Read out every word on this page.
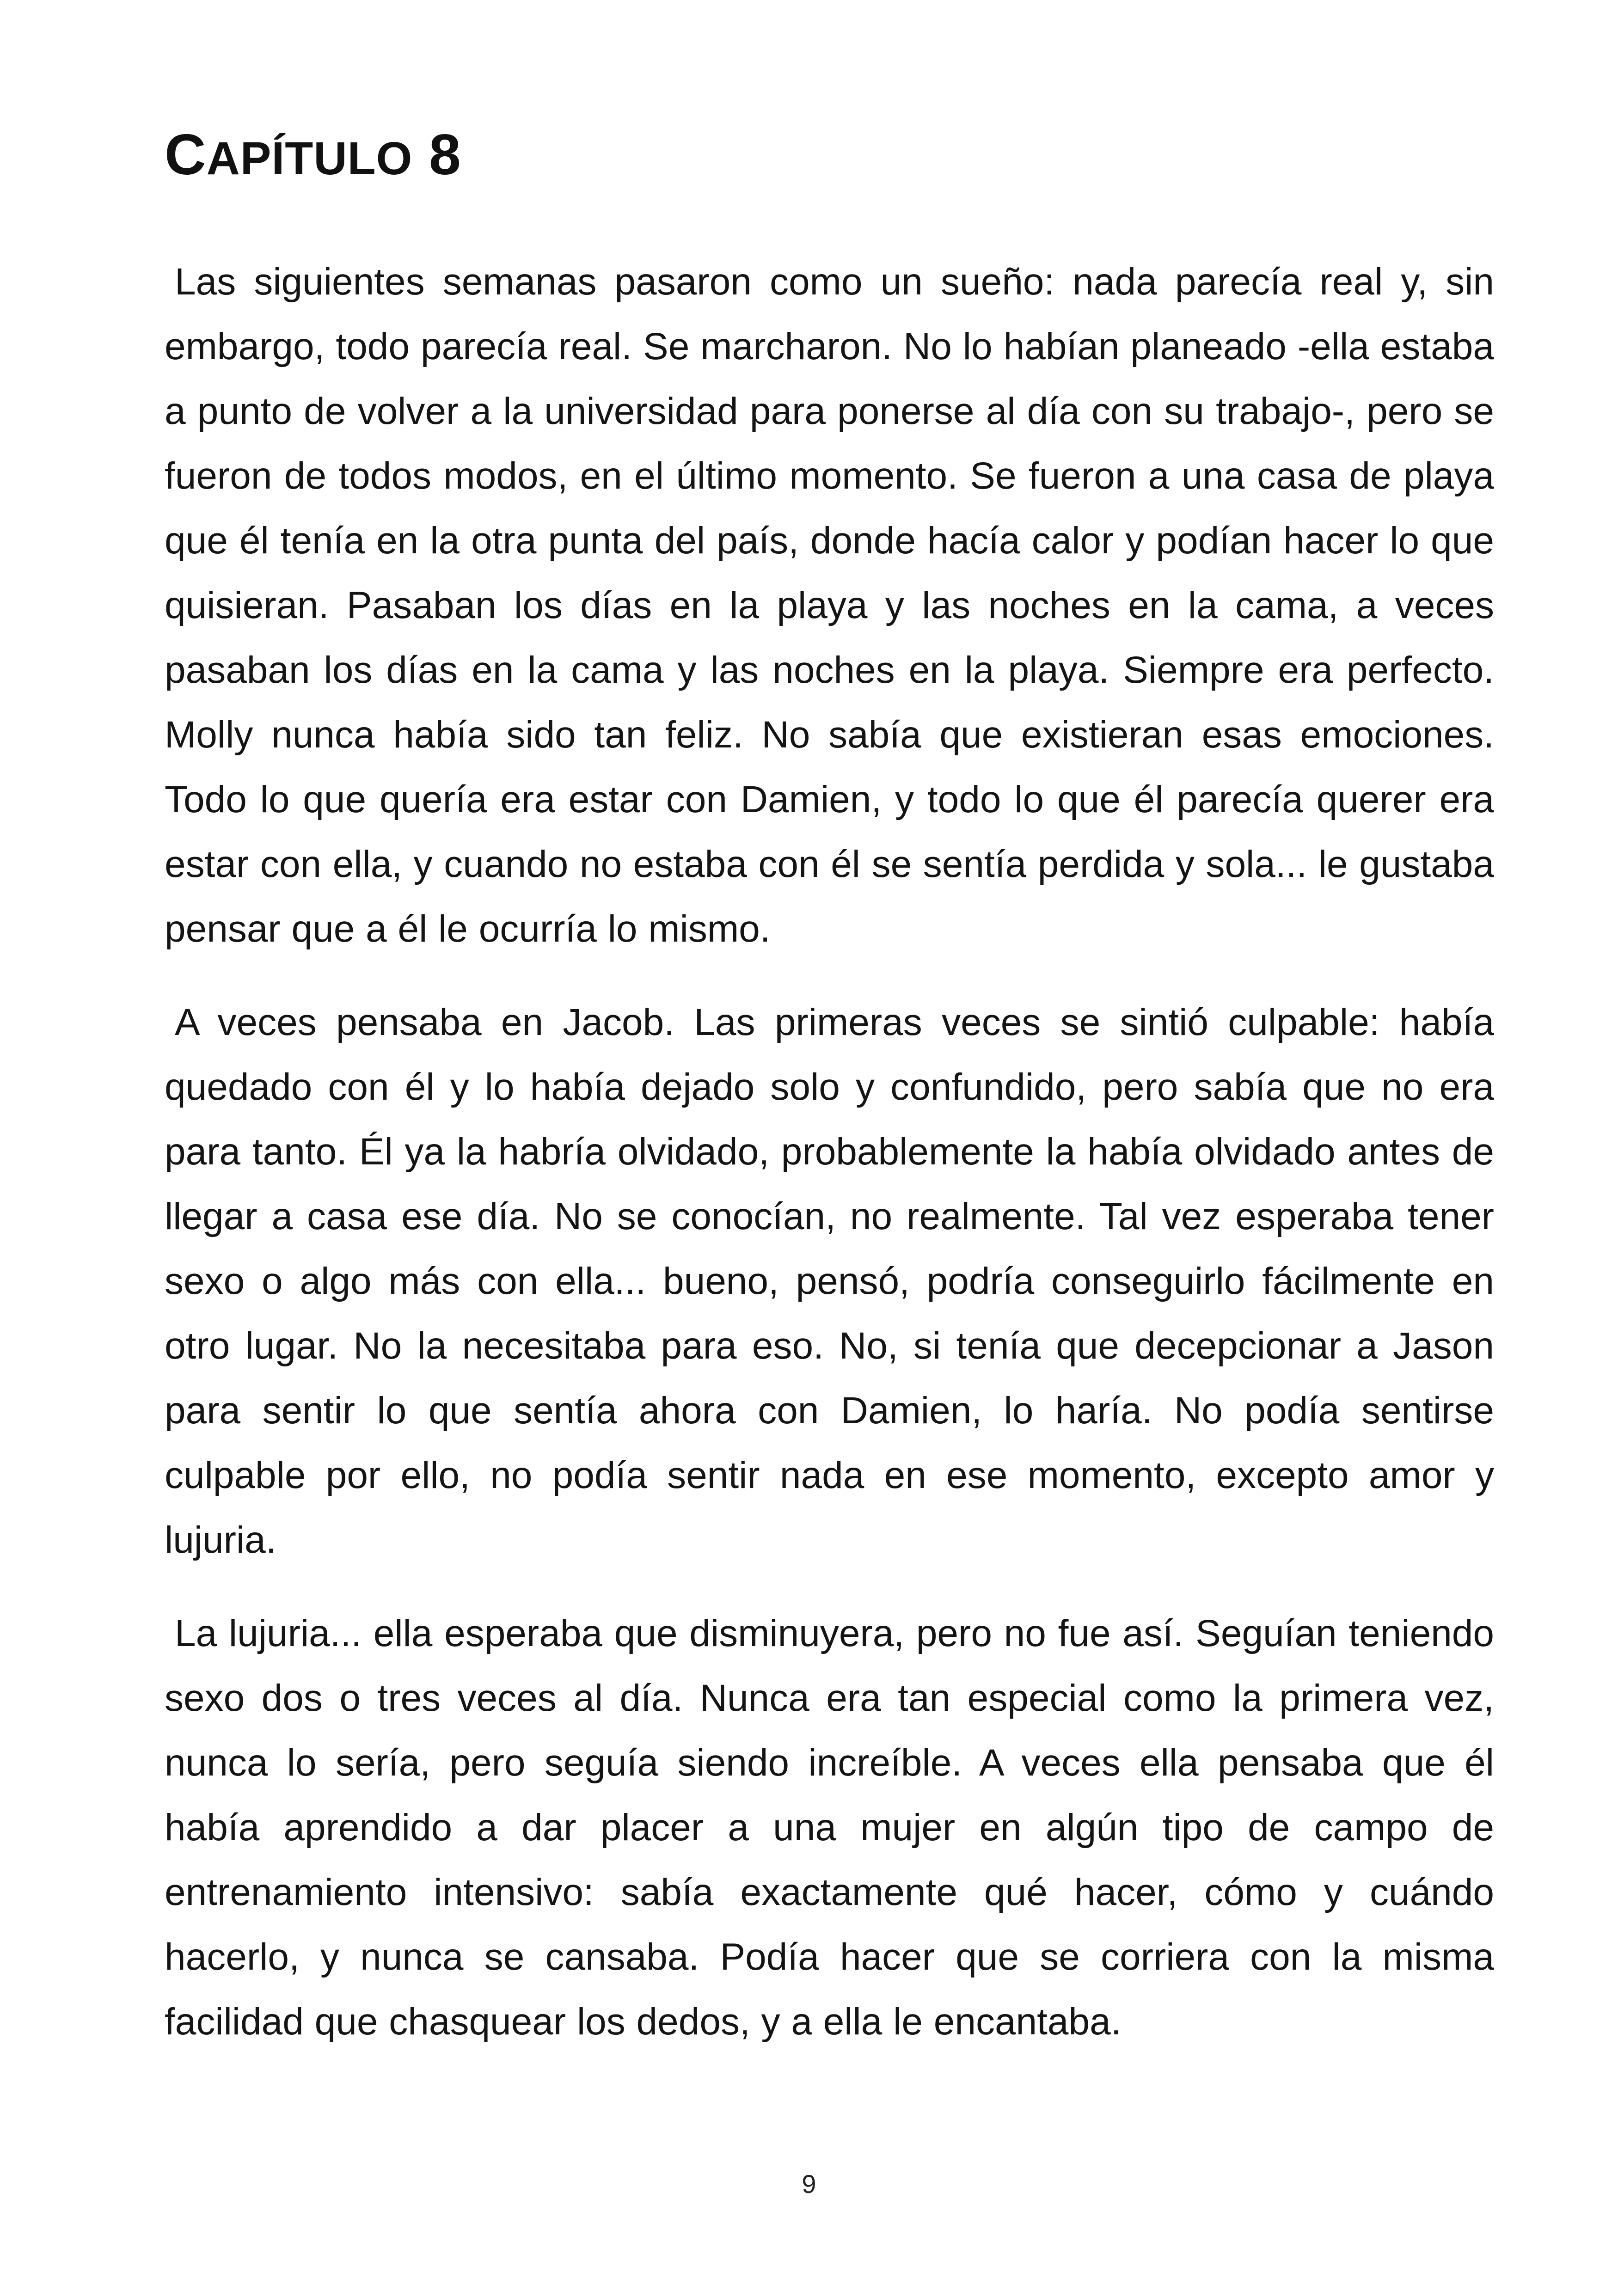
CAPÍTULO 8

Las siguientes semanas pasaron como un sueño: nada parecía real y, sin embargo, todo parecía real. Se marcharon. No lo habían planeado -ella estaba a punto de volver a la universidad para ponerse al día con su trabajo-, pero se fueron de todos modos, en el último momento. Se fueron a una casa de playa que él tenía en la otra punta del país, donde hacía calor y podían hacer lo que quisieran. Pasaban los días en la playa y las noches en la cama, a veces pasaban los días en la cama y las noches en la playa. Siempre era perfecto. Molly nunca había sido tan feliz. No sabía que existieran esas emociones. Todo lo que quería era estar con Damien, y todo lo que él parecía querer era estar con ella, y cuando no estaba con él se sentía perdida y sola... le gustaba pensar que a él le ocurría lo mismo.

A veces pensaba en Jacob. Las primeras veces se sintió culpable: había quedado con él y lo había dejado solo y confundido, pero sabía que no era para tanto. Él ya la habría olvidado, probablemente la había olvidado antes de llegar a casa ese día. No se conocían, no realmente. Tal vez esperaba tener sexo o algo más con ella... bueno, pensó, podría conseguirlo fácilmente en otro lugar. No la necesitaba para eso. No, si tenía que decepcionar a Jason para sentir lo que sentía ahora con Damien, lo haría. No podía sentirse culpable por ello, no podía sentir nada en ese momento, excepto amor y lujuria.

La lujuria... ella esperaba que disminuyera, pero no fue así. Seguían teniendo sexo dos o tres veces al día. Nunca era tan especial como la primera vez, nunca lo sería, pero seguía siendo increíble. A veces ella pensaba que él había aprendido a dar placer a una mujer en algún tipo de campo de entrenamiento intensivo: sabía exactamente qué hacer, cómo y cuándo hacerlo, y nunca se cansaba. Podía hacer que se corriera con la misma facilidad que chasquear los dedos, y a ella le encantaba.

9
